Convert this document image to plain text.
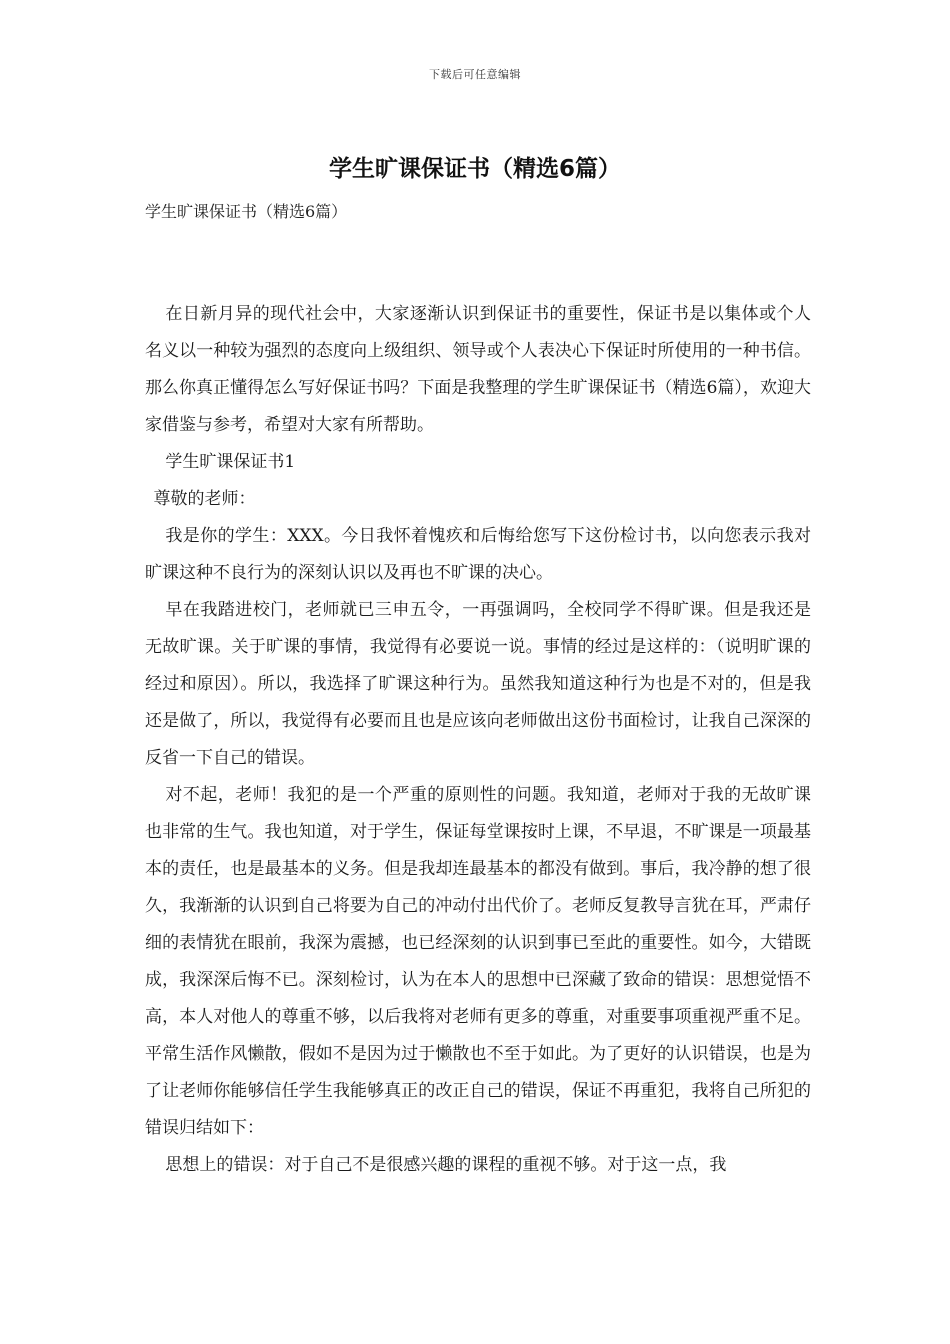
下载后可任意编辑
学生旷课保证书（精选6篇）
学生旷课保证书（精选6篇）

在日新月异的现代社会中，大家逐渐认识到保证书的重要性，保证书是以集体或个人名义以一种较为强烈的态度向上级组织、领导或个人表决心下保证时所使用的一种书信。那么你真正懂得怎么写好保证书吗？下面是我整理的学生旷课保证书（精选6篇），欢迎大家借鉴与参考，希望对大家有所帮助。

学生旷课保证书1

尊敬的老师：

我是你的学生：XXX。今日我怀着愧疚和后悔给您写下这份检讨书，以向您表示我对旷课这种不良行为的深刻认识以及再也不旷课的决心。

早在我踏进校门，老师就已三申五令，一再强调吗，全校同学不得旷课。但是我还是无故旷课。关于旷课的事情，我觉得有必要说一说。事情的经过是这样的：（说明旷课的经过和原因）。所以，我选择了旷课这种行为。虽然我知道这种行为也是不对的，但是我还是做了，所以，我觉得有必要而且也是应该向老师做出这份书面检讨，让我自己深深的反省一下自己的错误。

对不起，老师！我犯的是一个严重的原则性的问题。我知道，老师对于我的无故旷课也非常的生气。我也知道，对于学生，保证每堂课按时上课，不早退，不旷课是一项最基本的责任，也是最基本的义务。但是我却连最基本的都没有做到。事后，我冷静的想了很久，我渐渐的认识到自己将要为自己的冲动付出代价了。老师反复教导言犹在耳，严肃仔细的表情犹在眼前，我深为震撼，也已经深刻的认识到事已至此的重要性。如今，大错既成，我深深后悔不已。深刻检讨，认为在本人的思想中已深藏了致命的错误：思想觉悟不高，本人对他人的尊重不够，以后我将对老师有更多的尊重，对重要事项重视严重不足。平常生活作风懒散，假如不是因为过于懒散也不至于如此。为了更好的认识错误，也是为了让老师你能够信任学生我能够真正的改正自己的错误，保证不再重犯，我将自己所犯的错误归结如下：

思想上的错误：对于自己不是很感兴趣的课程的重视不够。对于这一点，我
